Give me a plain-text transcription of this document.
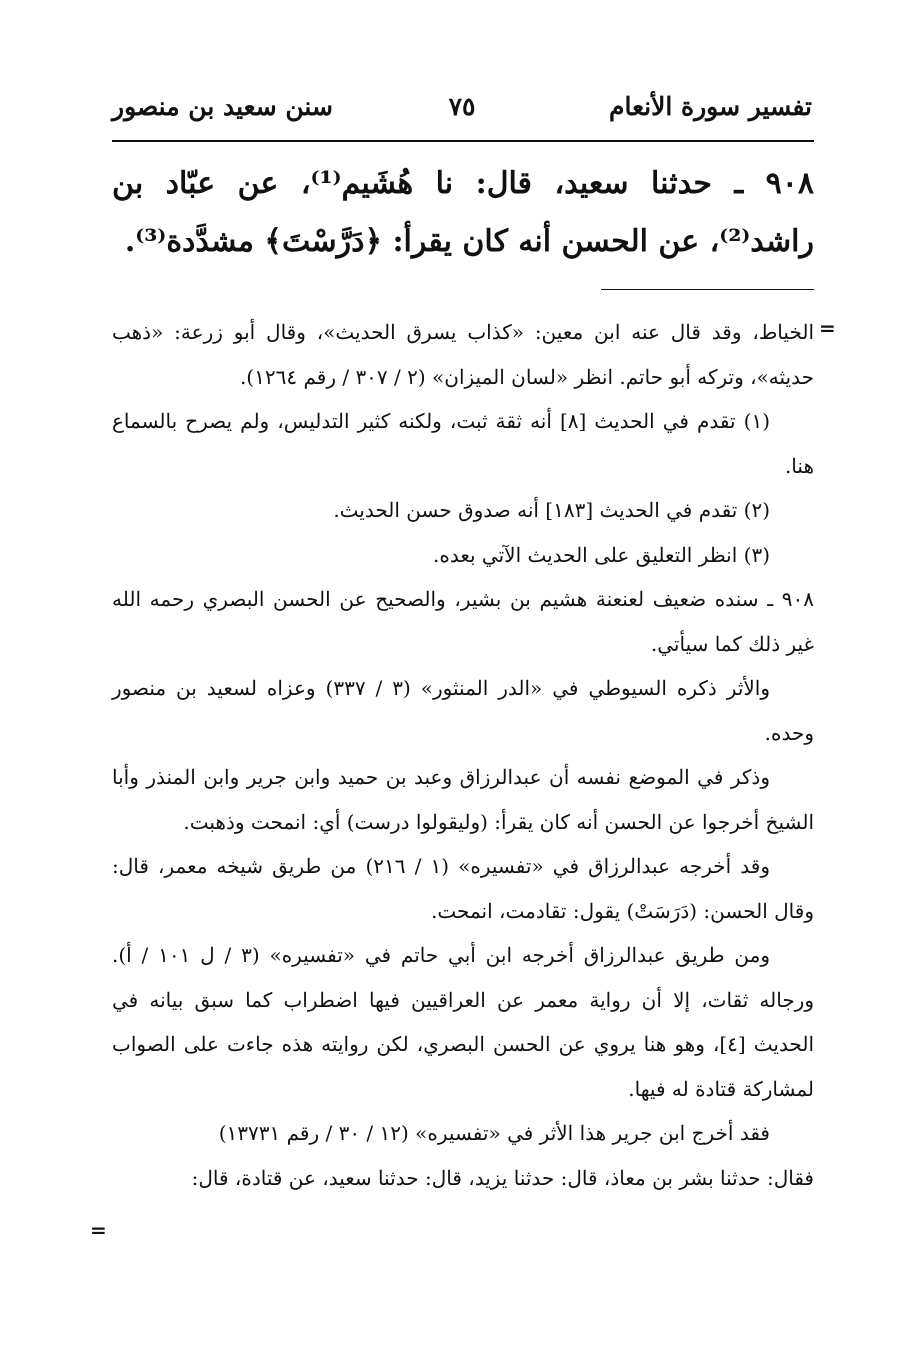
تفسير سورة الأنعام
٧٥
سنن سعيد بن منصور
٩٠٨ ـ حدثنا سعيد، قال: نا هُشَيم⁽¹⁾، عن عبّاد بن راشد⁽²⁾، عن الحسن أنه كان يقرأ: ﴿دَرَّسْتَ﴾ مشدَّدة⁽³⁾.
=

الخياط، وقد قال عنه ابن معين: «كذاب يسرق الحديث»، وقال أبو زرعة: «ذهب حديثه»، وتركه أبو حاتم. انظر «لسان الميزان» (٢ / ٣٠٧ / رقم ١٢٦٤).

(١) تقدم في الحديث [٨] أنه ثقة ثبت، ولكنه كثير التدليس، ولم يصرح بالسماع هنا.

(٢) تقدم في الحديث [١٨٣] أنه صدوق حسن الحديث.

(٣) انظر التعليق على الحديث الآتي بعده.

٩٠٨ ـ سنده ضعيف لعنعنة هشيم بن بشير، والصحيح عن الحسن البصري رحمه الله غير ذلك كما سيأتي.

والأثر ذكره السيوطي في «الدر المنثور» (٣ / ٣٣٧) وعزاه لسعيد بن منصور وحده.

وذكر في الموضع نفسه أن عبدالرزاق وعبد بن حميد وابن جرير وابن المنذر وأبا الشيخ أخرجوا عن الحسن أنه كان يقرأ: (وليقولوا درست) أي: انمحت وذهبت.

وقد أخرجه عبدالرزاق في «تفسيره» (١ / ٢١٦) من طريق شيخه معمر، قال: وقال الحسن: (دَرَسَتْ) يقول: تقادمت، انمحت.

ومن طريق عبدالرزاق أخرجه ابن أبي حاتم في «تفسيره» (٣ / ل ١٠١ / أ). ورجاله ثقات، إلا أن رواية معمر عن العراقيين فيها اضطراب كما سبق بيانه في الحديث [٤]، وهو هنا يروي عن الحسن البصري، لكن روايته هذه جاءت على الصواب لمشاركة قتادة له فيها.

فقد أخرج ابن جرير هذا الأثر في «تفسيره» (١٢ / ٣٠ / رقم ١٣٧٣١)

فقال: حدثنا بشر بن معاذ، قال: حدثنا يزيد، قال: حدثنا سعيد، عن قتادة، قال:

=
